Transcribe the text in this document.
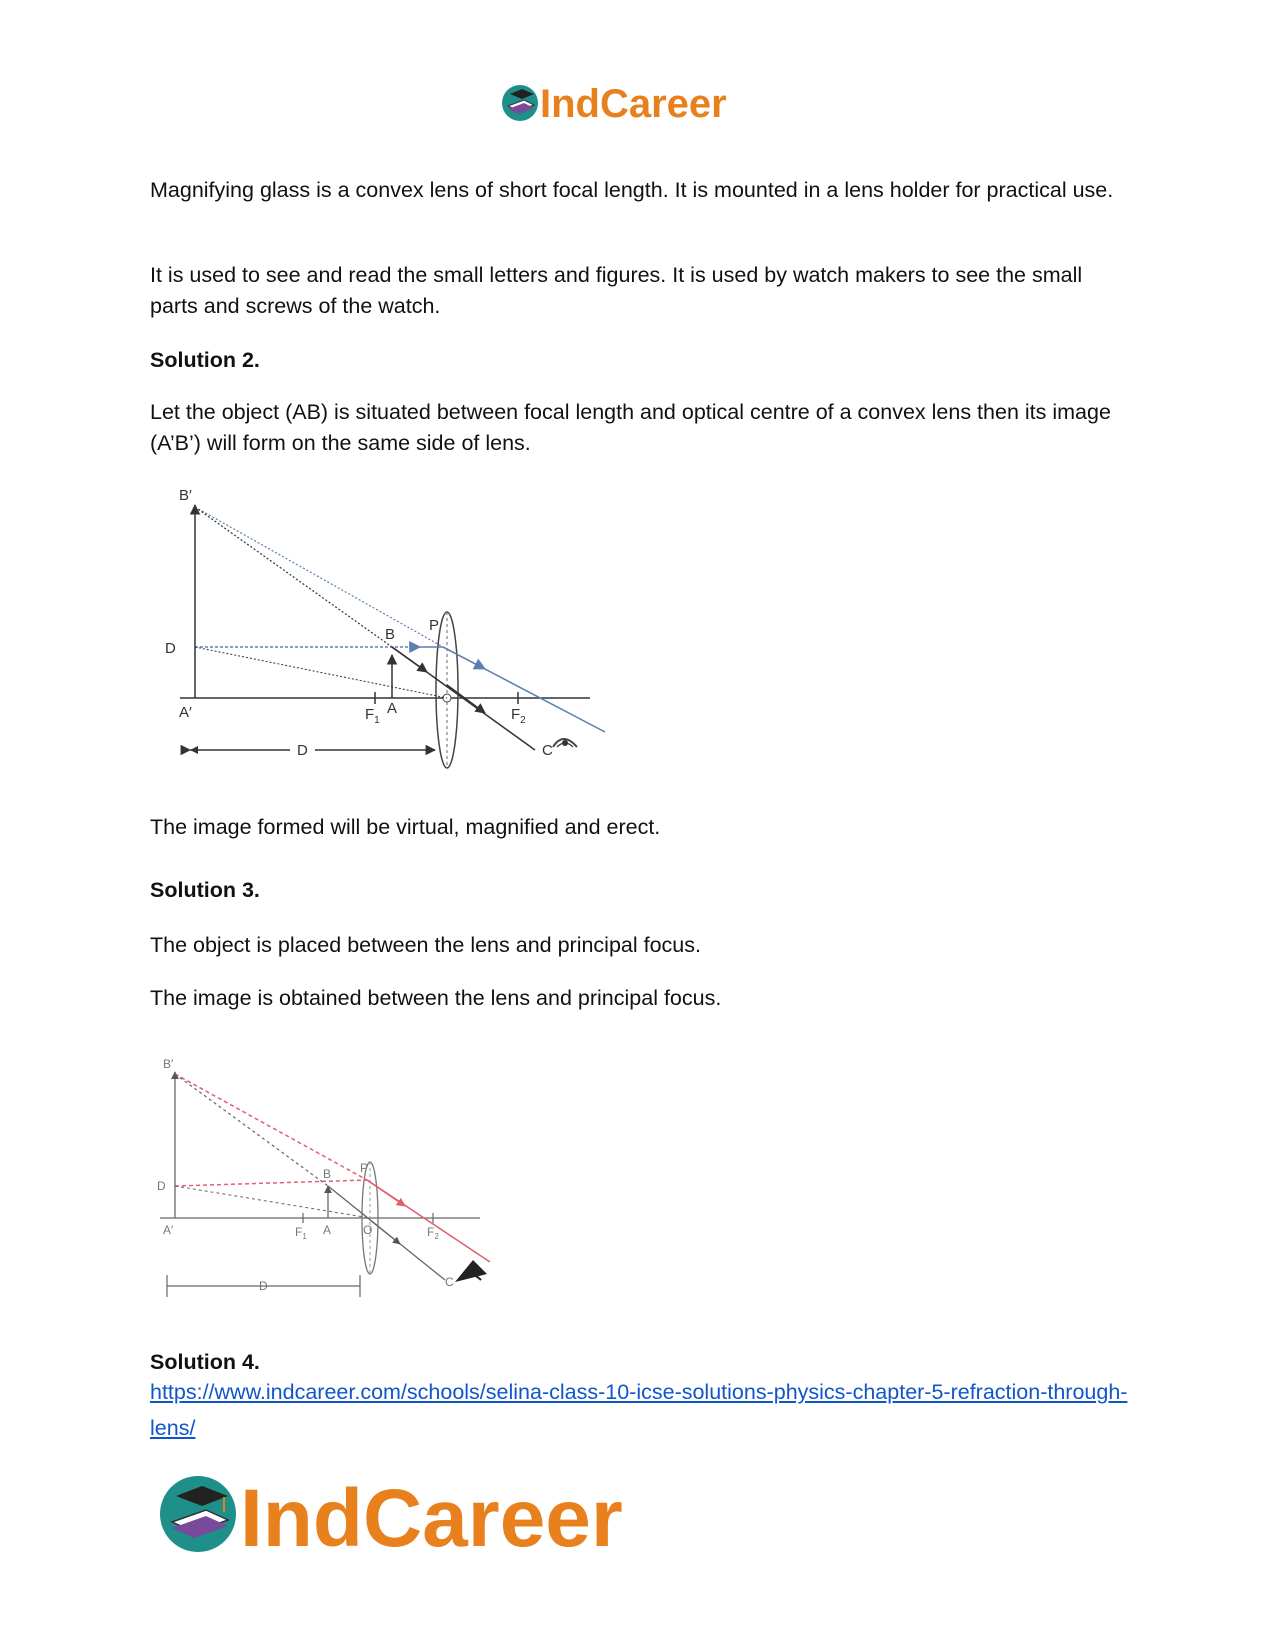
IndCareer

Magnifying glass is a convex lens of short focal length. It is mounted in a lens holder for practical use.

It is used to see and read the small letters and figures. It is used by watch makers to see the small parts and screws of the watch.

Solution 2.

Let the object (AB) is situated between focal length and optical centre of a convex lens then its image (A’B’) will form on the same side of lens.

B′
D
A′
B
P
$F_1$
A	$F_2$
C
D

The image formed will be virtual, magnified and erect.

Solution 3.

The object is placed between the lens and principal focus.

The image is obtained between the lens and principal focus.

B′
D
A′
B P
$F_1$ A	O	$F_2$
C
D

Solution 4.

https://www.indcareer.com/schools/selina-class-10-icse-solutions-physics-chapter-5-refraction-through-lens/
IndCareer
